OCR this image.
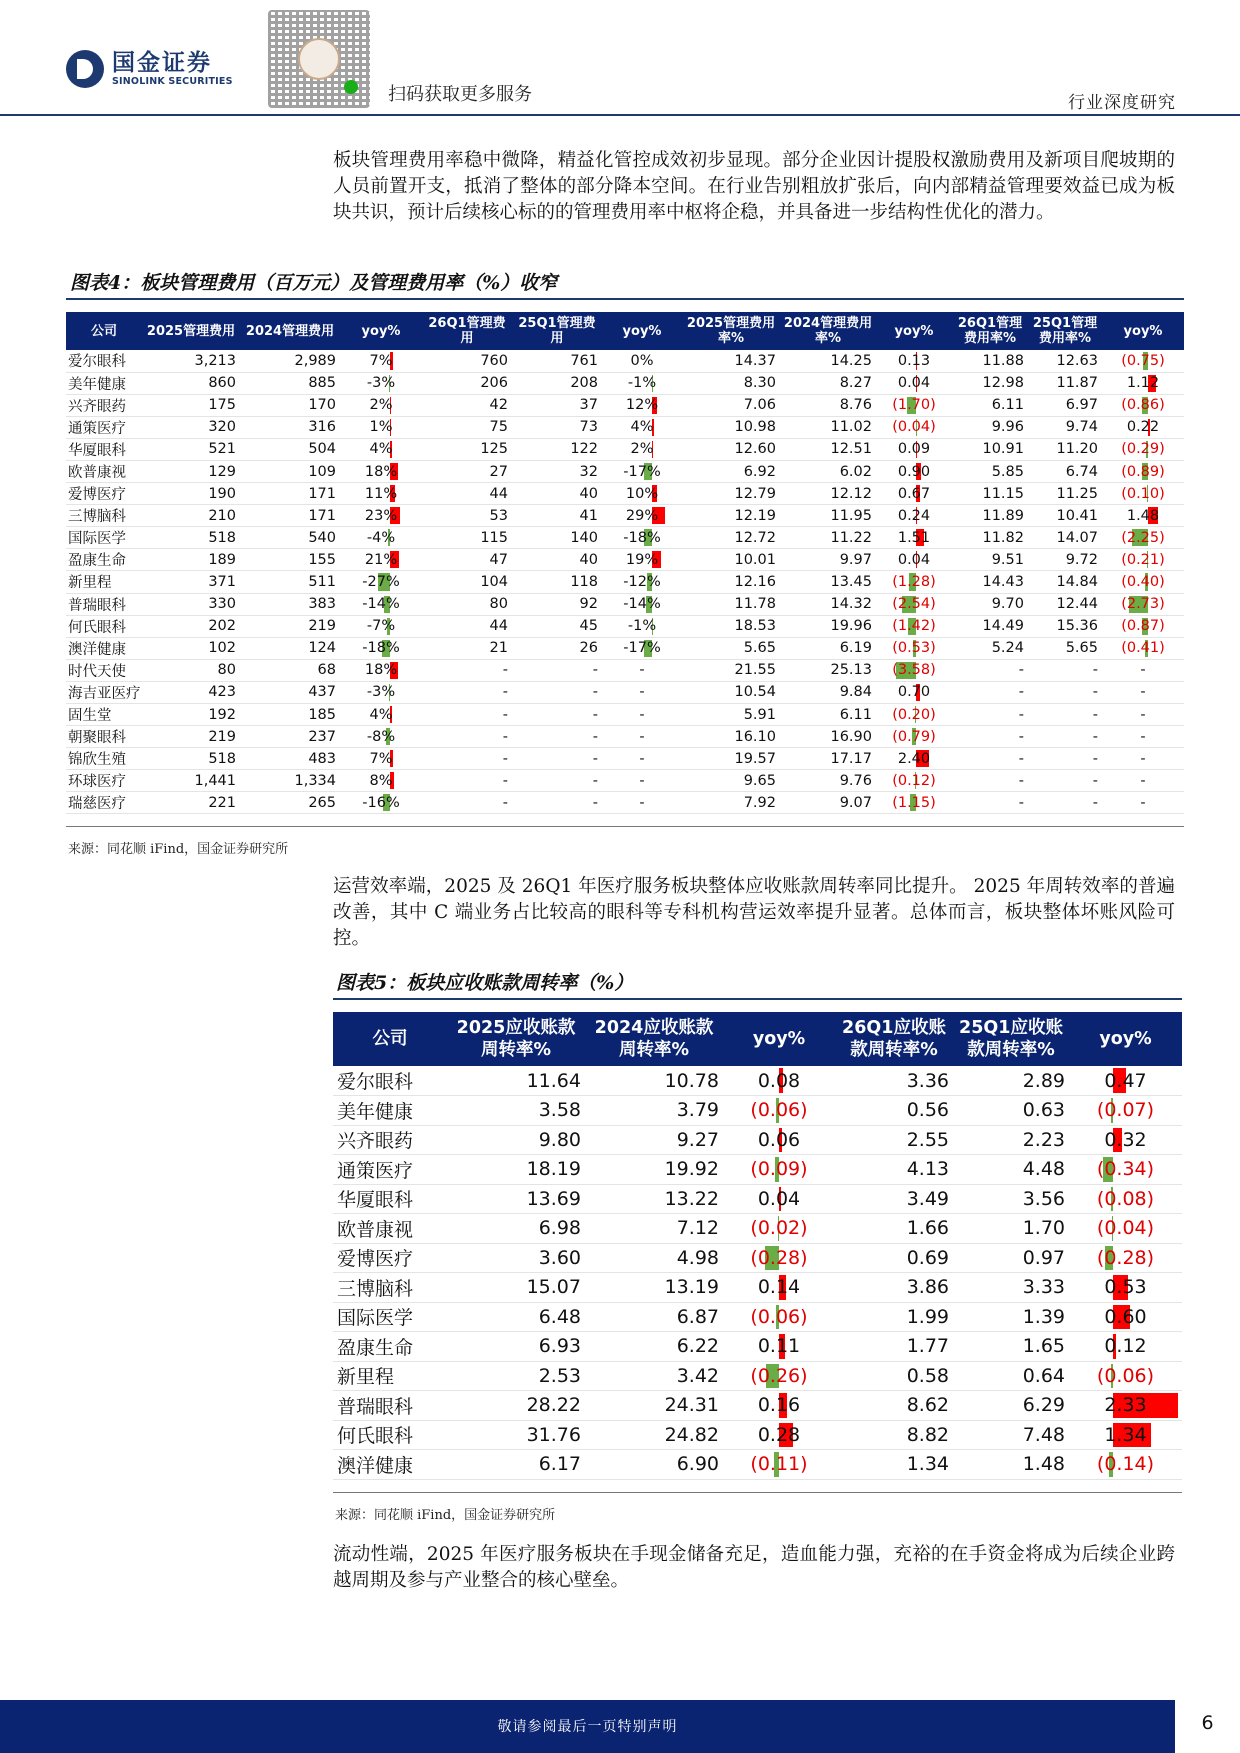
国金证券
SINOLINK SECURITIES
扫码获取更多服务	行业深度研究
板块管理费用率稳中微降，精益化管控成效初步显现。部分企业因计提股权激励费用及新项目爬坡期的人员前置开支，抵消了整体的部分降本空间。在行业告别粗放扩张后，向内部精益管理要效益已成为板块共识，预计后续核心标的的管理费用率中枢将企稳，并具备进一步结构性优化的潜力。
图表4：板块管理费用（百万元）及管理费用率（%）收窄
公司	2025管理费用	2024管理费用	yoy%	26Q1管理费用	25Q1管理费用	yoy%	2025管理费用率%	2024管理费用率%	yoy%	26Q1管理费用率%	25Q1管理费用率%	yoy%
爱尔眼科	3,213	2,989	7%	760	761	0%	14.37	14.25	0.13	11.88	12.63	(0.75)
美年健康	860	885	-3%	206	208	-1%	8.30	8.27	0.04	12.98	11.87	1.12
兴齐眼药	175	170	2%	42	37	12%	7.06	8.76	(1.70)	6.11	6.97	(0.86)
通策医疗	320	316	1%	75	73	4%	10.98	11.02	(0.04)	9.96	9.74	0.22
华厦眼科	521	504	4%	125	122	2%	12.60	12.51	0.09	10.91	11.20	(0.29)
欧普康视	129	109	18%	27	32	-17%	6.92	6.02	0.90	5.85	6.74	(0.89)
爱博医疗	190	171	11%	44	40	10%	12.79	12.12	0.67	11.15	11.25	(0.10)
三博脑科	210	171	23%	53	41	29%	12.19	11.95	0.24	11.89	10.41	1.48
国际医学	518	540	-4%	115	140	-18%	12.72	11.22	1.51	11.82	14.07	(2.25)
盈康生命	189	155	21%	47	40	19%	10.01	9.97	0.04	9.51	9.72	(0.21)
新里程	371	511	-27%	104	118	-12%	12.16	13.45	(1.28)	14.43	14.84	(0.40)
普瑞眼科	330	383	-14%	80	92	-14%	11.78	14.32	(2.54)	9.70	12.44	(2.73)
何氏眼科	202	219	-7%	44	45	-1%	18.53	19.96	(1.42)	14.49	15.36	(0.87)
澳洋健康	102	124	-18%	21	26	-17%	5.65	6.19	(0.53)	5.24	5.65	(0.41)
时代天使	80	68	18%	-	-	-	21.55	25.13	(3.58)	-	-	-
海吉亚医疗	423	437	-3%	-	-	-	10.54	9.84	0.70	-	-	-
固生堂	192	185	4%	-	-	-	5.91	6.11	(0.20)	-	-	-
朝聚眼科	219	237	-8%	-	-	-	16.10	16.90	(0.79)	-	-	-
锦欣生殖	518	483	7%	-	-	-	19.57	17.17	2.40	-	-	-
环球医疗	1,441	1,334	8%	-	-	-	9.65	9.76	(0.12)	-	-	-
瑞慈医疗	221	265	-16%	-	-	-	7.92	9.07	(1.15)	-	-	-
来源：同花顺 iFind，国金证券研究所
运营效率端，2025 及 26Q1 年医疗服务板块整体应收账款周转率同比提升。 2025 年周转效率的普遍改善，其中 C 端业务占比较高的眼科等专科机构营运效率提升显著。总体而言，板块整体坏账风险可控。
图表5：板块应收账款周转率（%）
公司	2025应收账款周转率%	2024应收账款周转率%	yoy%	26Q1应收账款周转率%	25Q1应收账款周转率%	yoy%
爱尔眼科	11.64	10.78	0.08	3.36	2.89	0.47
美年健康	3.58	3.79	(0.06)	0.56	0.63	(0.07)
兴齐眼药	9.80	9.27	0.06	2.55	2.23	0.32
通策医疗	18.19	19.92	(0.09)	4.13	4.48	(0.34)
华厦眼科	13.69	13.22	0.04	3.49	3.56	(0.08)
欧普康视	6.98	7.12	(0.02)	1.66	1.70	(0.04)
爱博医疗	3.60	4.98	(0.28)	0.69	0.97	(0.28)
三博脑科	15.07	13.19	0.14	3.86	3.33	0.53
国际医学	6.48	6.87	(0.06)	1.99	1.39	0.60
盈康生命	6.93	6.22	0.11	1.77	1.65	0.12
新里程	2.53	3.42	(0.26)	0.58	0.64	(0.06)
普瑞眼科	28.22	24.31	0.16	8.62	6.29	2.33
何氏眼科	31.76	24.82	0.28	8.82	7.48	1.34
澳洋健康	6.17	6.90	(0.11)	1.34	1.48	(0.14)
来源：同花顺 iFind，国金证券研究所
流动性端，2025 年医疗服务板块在手现金储备充足，造血能力强，充裕的在手资金将成为后续企业跨越周期及参与产业整合的核心壁垒。
敬请参阅最后一页特别声明	6
